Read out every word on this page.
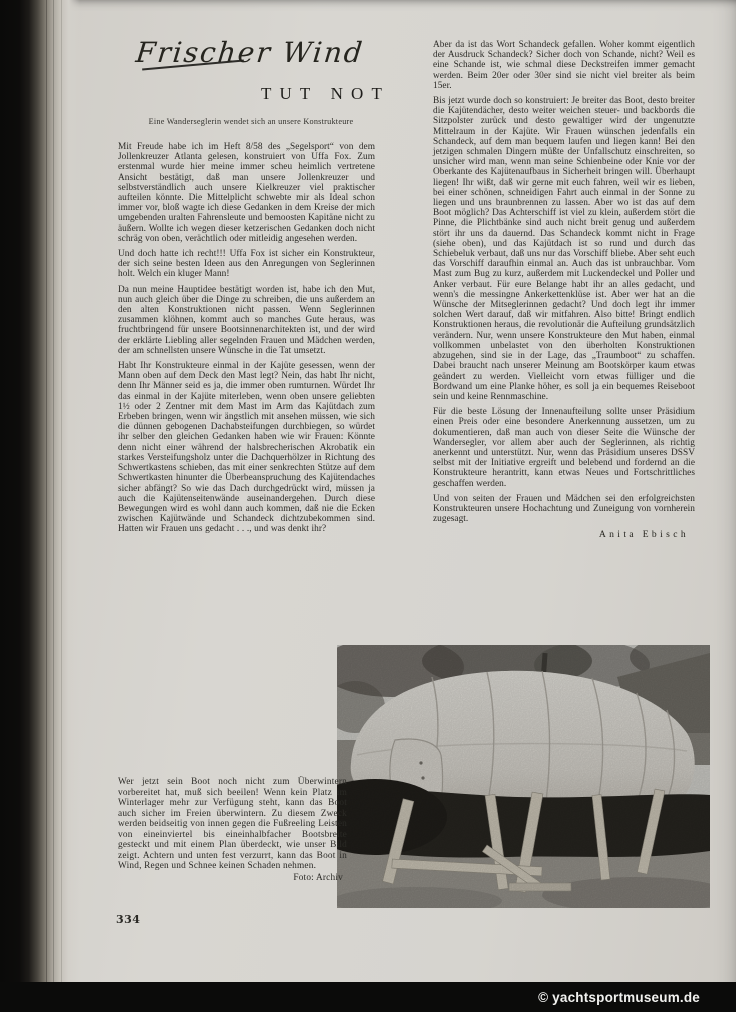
Frischer Wind
TUT NOT
Eine Wanderseglerin wendet sich an unsere Konstrukteure

Mit Freude habe ich im Heft 8/58 des „Segelsport“ von dem Jollenkreuzer Atlanta gelesen, konstruiert von Uffa Fox. Zum erstenmal wurde hier meine immer scheu heimlich vertretene Ansicht bestätigt, daß man unsere Jollenkreuzer und selbstverständlich auch unsere Kielkreuzer viel praktischer aufteilen könnte. Die Mittelplicht schwebte mir als Ideal schon immer vor, bloß wagte ich diese Gedanken in dem Kreise der mich umgebenden uralten Fahrensleute und bemoosten Kapitäne nicht zu äußern. Wollte ich wegen dieser ketzerischen Gedanken doch nicht schräg von oben, verächtlich oder mitleidig angesehen werden.

Und doch hatte ich recht!!! Uffa Fox ist sicher ein Konstrukteur, der sich seine besten Ideen aus den Anregungen von Seglerinnen holt. Welch ein kluger Mann!

Da nun meine Hauptidee bestätigt worden ist, habe ich den Mut, nun auch gleich über die Dinge zu schreiben, die uns außerdem an den alten Konstruktionen nicht passen. Wenn Seglerinnen zusammen klöhnen, kommt auch so manches Gute heraus, was fruchtbringend für unsere Bootsinnenarchitekten ist, und der wird der erklärte Liebling aller segelnden Frauen und Mädchen werden, der am schnellsten unsere Wünsche in die Tat umsetzt.

Habt Ihr Konstrukteure einmal in der Kajüte gesessen, wenn der Mann oben auf dem Deck den Mast legt? Nein, das habt Ihr nicht, denn Ihr Männer seid es ja, die immer oben rumturnen. Würdet Ihr das einmal in der Kajüte miterleben, wenn oben unsere geliebten 1½ oder 2 Zentner mit dem Mast im Arm das Kajütdach zum Erbeben bringen, wenn wir ängstlich mit ansehen müssen, wie sich die dünnen gebogenen Dachabsteifungen durchbiegen, so würdet ihr selber den gleichen Gedanken haben wie wir Frauen: Könnte denn nicht einer während der halsbrecherischen Akrobatik ein starkes Versteifungsholz unter die Dachquerhölzer in Richtung des Schwertkastens schieben, das mit einer senkrechten Stütze auf dem Schwertkasten hinunter die Überbeanspruchung des Kajütendaches sicher abfängt? So wie das Dach durchgedrückt wird, müssen ja auch die Kajütenseitenwände auseinandergehen. Durch diese Bewegungen wird es wohl dann auch kommen, daß nie die Ecken zwischen Kajütwände und Schandeck dichtzubekommen sind. Hatten wir Frauen uns gedacht . . ., und was denkt ihr?

Aber da ist das Wort Schandeck gefallen. Woher kommt eigentlich der Ausdruck Schandeck? Sicher doch von Schande, nicht? Weil es eine Schande ist, wie schmal diese Deckstreifen immer gemacht werden. Beim 20er oder 30er sind sie nicht viel breiter als beim 15er.

Bis jetzt wurde doch so konstruiert: Je breiter das Boot, desto breiter die Kajütendächer, desto weiter weichen steuer- und backbords die Sitzpolster zurück und desto gewaltiger wird der ungenutzte Mittelraum in der Kajüte. Wir Frauen wünschen jedenfalls ein Schandeck, auf dem man bequem laufen und liegen kann! Bei den jetzigen schmalen Dingern müßte der Unfallschutz einschreiten, so unsicher wird man, wenn man seine Schienbeine oder Knie vor der Oberkante des Kajütenaufbaus in Sicherheit bringen will. Überhaupt liegen! Ihr wißt, daß wir gerne mit euch fahren, weil wir es lieben, bei einer schönen, schneidigen Fahrt auch einmal in der Sonne zu liegen und uns braunbrennen zu lassen. Aber wo ist das auf dem Boot möglich? Das Achterschiff ist viel zu klein, außerdem stört die Pinne, die Plichtbänke sind auch nicht breit genug und außerdem stört ihr uns da dauernd. Das Schandeck kommt nicht in Frage (siehe oben), und das Kajütdach ist so rund und durch das Schiebeluk verbaut, daß uns nur das Vorschiff bliebe. Aber seht euch das Vorschiff daraufhin einmal an. Auch das ist unbrauchbar. Vom Mast zum Bug zu kurz, außerdem mit Luckendeckel und Poller und Anker verbaut. Für eure Belange habt ihr an alles gedacht, und wenn's die messingne Ankerkettenklüse ist. Aber wer hat an die Wünsche der Mitseglerinnen gedacht? Und doch legt ihr immer solchen Wert darauf, daß wir mitfahren. Also bitte! Bringt endlich Konstruktionen heraus, die revolutionär die Aufteilung grundsätzlich verändern. Nur, wenn unsere Konstrukteure den Mut haben, einmal vollkommen unbelastet von den überholten Konstruktionen abzugehen, sind sie in der Lage, das „Traumboot“ zu schaffen. Dabei braucht nach unserer Meinung am Bootskörper kaum etwas geändert zu werden. Vielleicht vorn etwas fülliger und die Bordwand um eine Planke höher, es soll ja ein bequemes Reiseboot sein und keine Rennmaschine.

Für die beste Lösung der Innenaufteilung sollte unser Präsidium einen Preis oder eine besondere Anerkennung aussetzen, um zu dokumentieren, daß man auch von dieser Seite die Wünsche der Wandersegler, vor allem aber auch der Seglerinnen, als richtig anerkennt und unterstützt. Nur, wenn das Präsidium unseres DSSV selbst mit der Initiative ergreift und belebend und fordernd an die Konstrukteure herantritt, kann etwas Neues und Fortschrittliches geschaffen werden.

Und von seiten der Frauen und Mädchen sei den erfolgreichsten Konstrukteuren unsere Hochachtung und Zuneigung von vornherein zugesagt.

Anita Ebisch
Wer jetzt sein Boot noch nicht zum Überwintern vorbereitet hat, muß sich beeilen! Wenn kein Platz im Winterlager mehr zur Verfügung steht, kann das Boot auch sicher im Freien überwintern. Zu diesem Zweck werden beidseitig von innen gegen die Fußreeling Leisten von eineinviertel bis eineinhalbfacher Bootsbreite gesteckt und mit einem Plan überdeckt, wie unser Bild zeigt. Achtern und unten fest verzurrt, kann das Boot in Wind, Regen und Schnee keinen Schaden nehmen.
Foto: Archiv
334
© yachtsportmuseum.de
